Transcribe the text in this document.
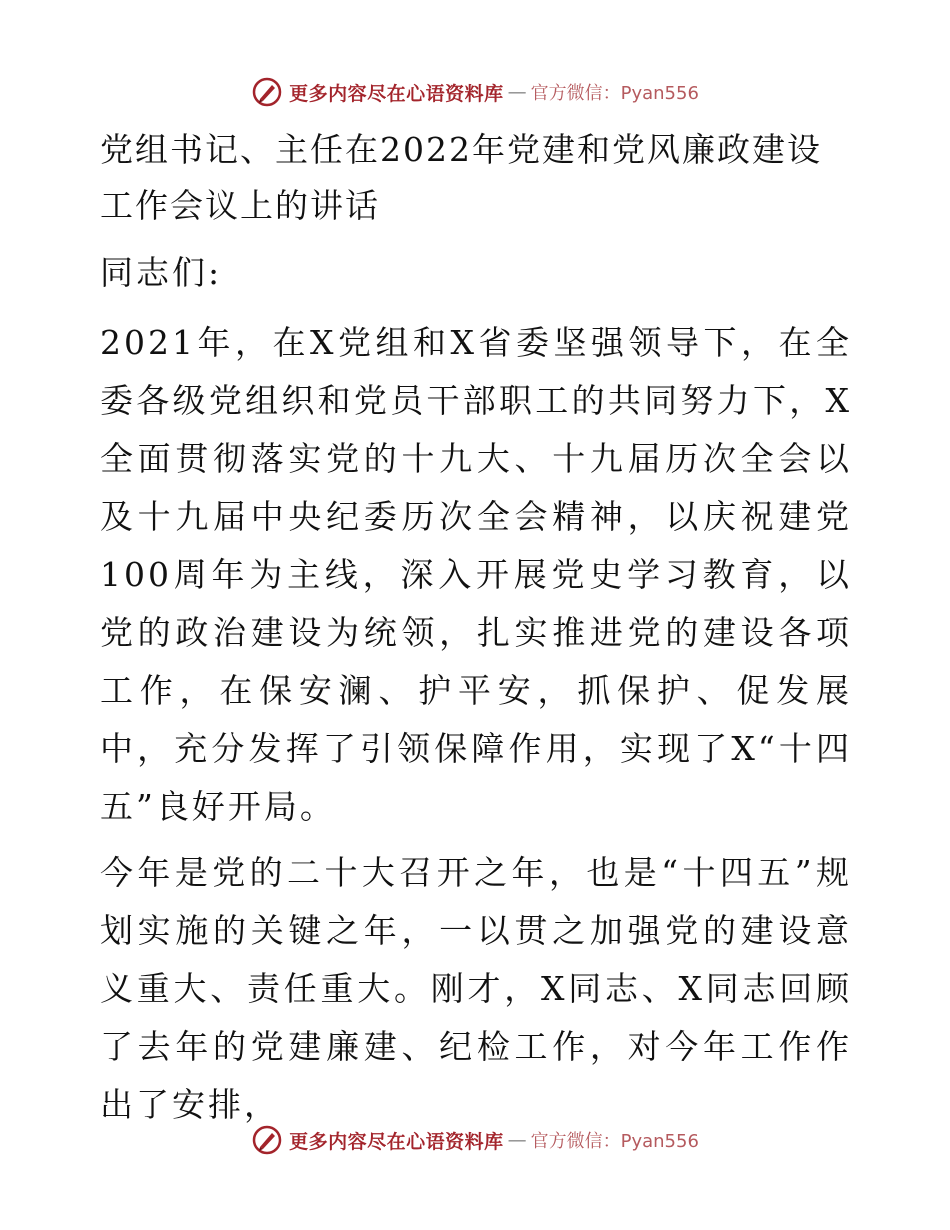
更多内容尽在心语资料库 — 官方微信：Pyan556
党组书记、主任在2022年党建和党风廉政建设工作会议上的讲话

同志们:

2021年，在X党组和X省委坚强领导下，在全委各级党组织和党员干部职工的共同努力下，X全面贯彻落实党的十九大、十九届历次全会以及十九届中央纪委历次全会精神，以庆祝建党100周年为主线，深入开展党史学习教育，以党的政治建设为统领，扎实推进党的建设各项工作，在保安澜、护平安，抓保护、促发展中，充分发挥了引领保障作用，实现了X“十四五”良好开局。

今年是党的二十大召开之年，也是“十四五”规划实施的关键之年，一以贯之加强党的建设意义重大、责任重大。刚才，X同志、X同志回顾了去年的党建廉建、纪检工作，对今年工作作出了安排，

更多内容尽在心语资料库 — 官方微信：Pyan556
